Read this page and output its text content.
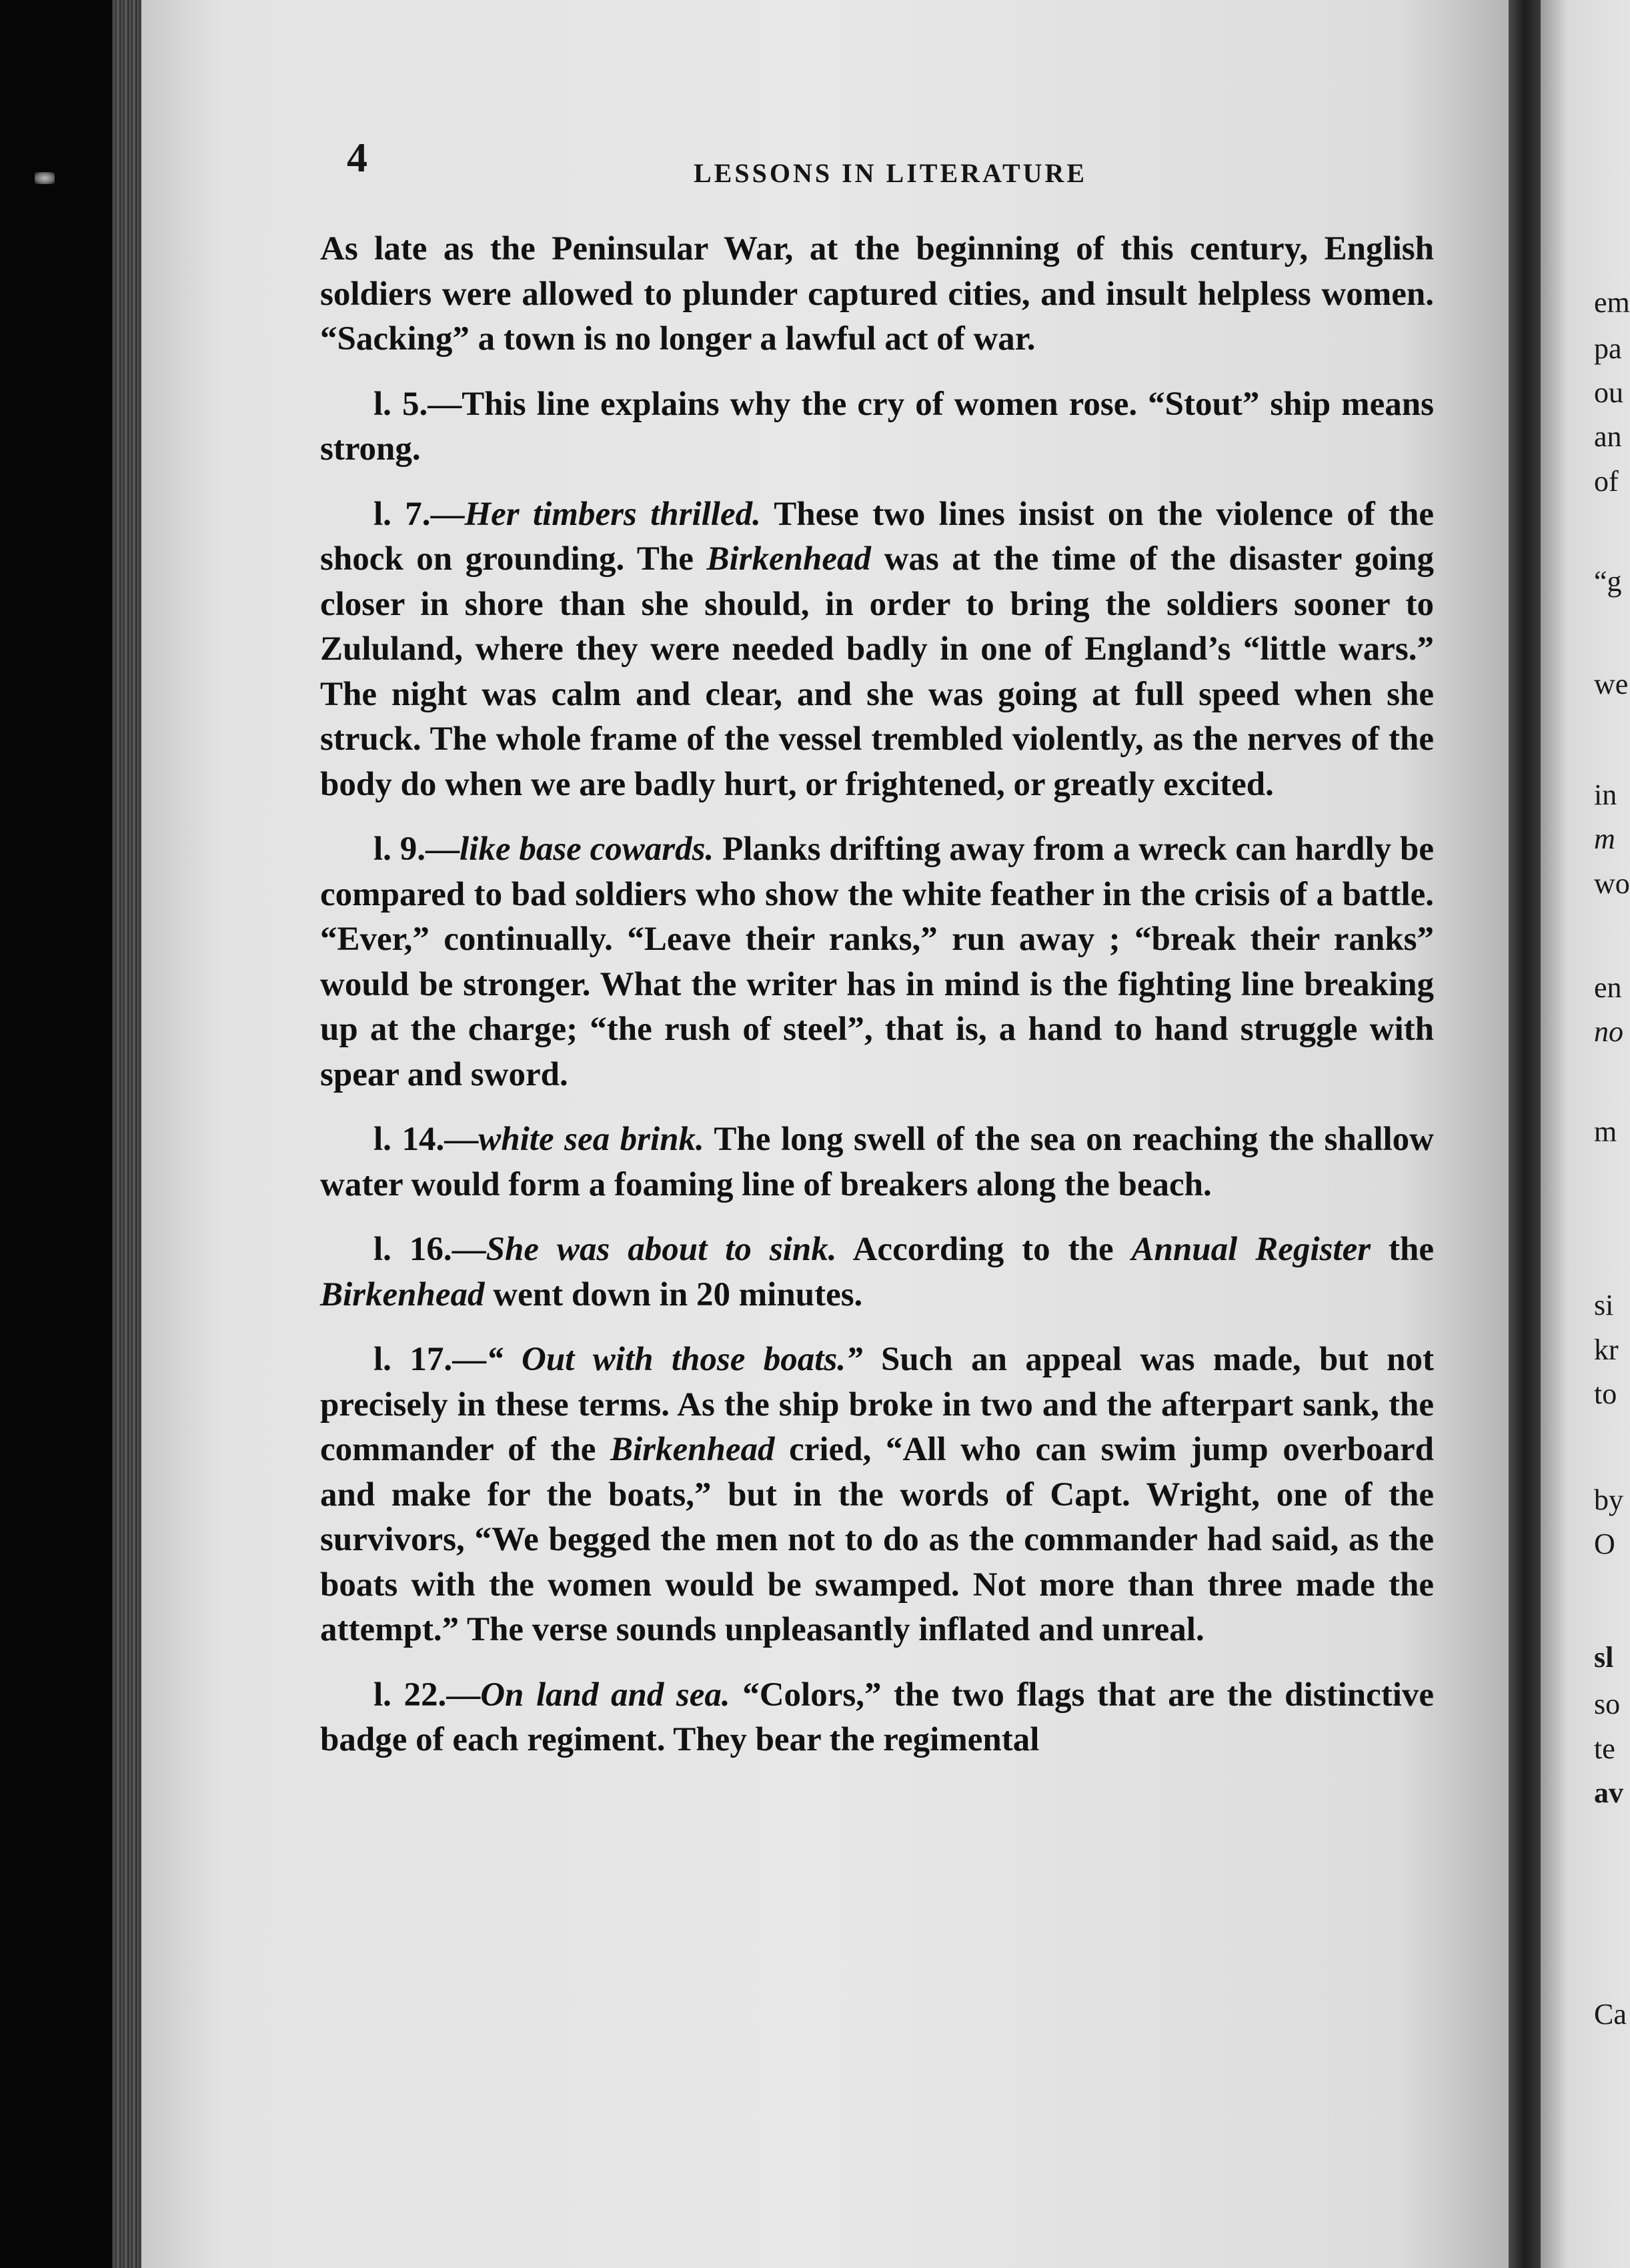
4	LESSONS IN LITERATURE

As late as the Peninsular War, at the beginning of this century, English soldiers were allowed to plunder captured cities, and insult helpless women. “Sacking” a town is no longer a lawful act of war.

l. 5.—This line explains why the cry of women rose. “Stout” ship means strong.

l. 7.—Her timbers thrilled. These two lines insist on the violence of the shock on grounding. The Birkenhead was at the time of the disaster going closer in shore than she should, in order to bring the soldiers sooner to Zululand, where they were needed badly in one of England’s “little wars.” The night was calm and clear, and she was going at full speed when she struck. The whole frame of the vessel trembled violently, as the nerves of the body do when we are badly hurt, or frightened, or greatly excited.

l. 9.—like base cowards. Planks drifting away from a wreck can hardly be compared to bad soldiers who show the white feather in the crisis of a battle. “Ever,” continually. “Leave their ranks,” run away ; “break their ranks” would be stronger. What the writer has in mind is the fighting line breaking up at the charge; “the rush of steel”, that is, a hand to hand struggle with spear and sword.

l. 14.—white sea brink. The long swell of the sea on reaching the shallow water would form a foaming line of breakers along the beach.

l. 16.—She was about to sink. According to the Annual Register the Birkenhead went down in 20 minutes.

l. 17.—“ Out with those boats.” Such an appeal was made, but not precisely in these terms. As the ship broke in two and the afterpart sank, the commander of the Birkenhead cried, “All who can swim jump overboard and make for the boats,” but in the words of Capt. Wright, one of the survivors, “We begged the men not to do as the commander had said, as the boats with the women would be swamped. Not more than three made the attempt.” The verse sounds unpleasantly inflated and unreal.

l. 22.—On land and sea. “Colors,” the two flags that are the distinctive badge of each regiment. They bear the regimental

em
pa
ou
an
of
“g
we
in
m
wo
en
no
m
si
kr
to
by
O
sl
so
te
av
Ca
